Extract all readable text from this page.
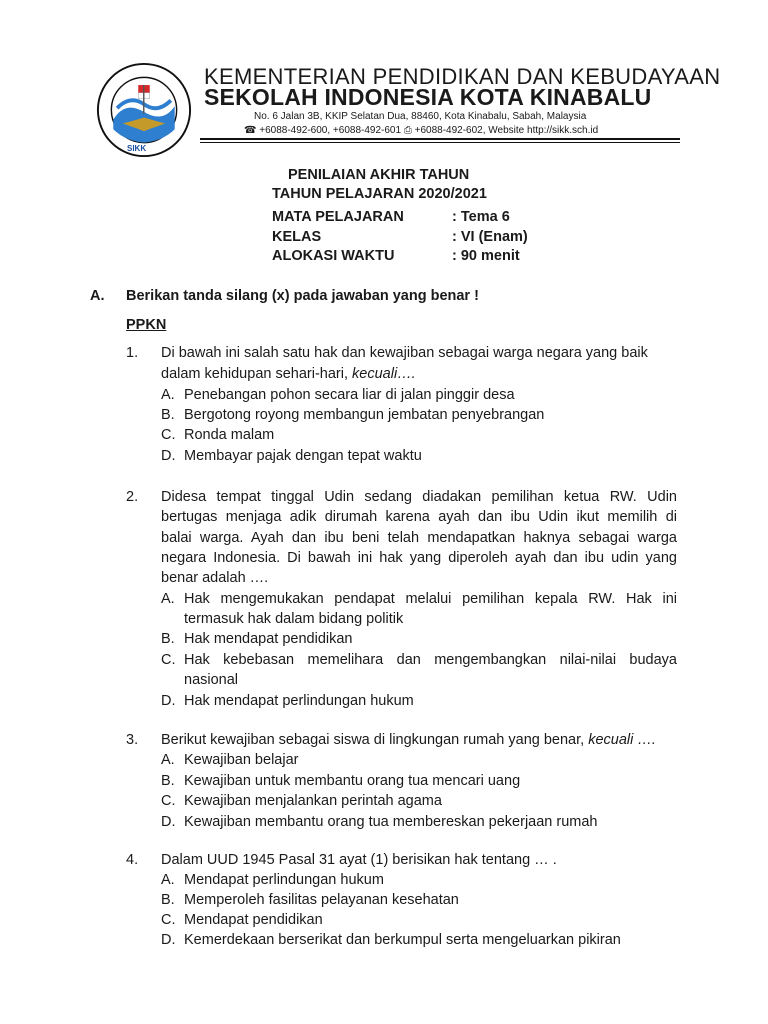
SIKK
KEMENTERIAN PENDIDIKAN DAN KEBUDAYAAN
SEKOLAH INDONESIA KOTA KINABALU
No. 6 Jalan 3B, KKIP Selatan Dua, 88460, Kota Kinabalu, Sabah, Malaysia
☎ +6088-492-600, +6088-492-601 ⎙ +6088-492-602, Website http://sikk.sch.id
PENILAIAN AKHIR TAHUN
TAHUN PELAJARAN 2020/2021
MATA PELAJARAN	: Tema 6
KELAS	: VI (Enam)
ALOKASI WAKTU	: 90 menit
A. Berikan tanda silang (x) pada jawaban yang benar !
PPKN
1. Di bawah ini salah satu hak dan kewajiban sebagai warga negara yang baik
dalam kehidupan sehari-hari, kecuali….
A. Penebangan pohon secara liar di jalan pinggir desa
B. Bergotong royong membangun jembatan penyebrangan
C. Ronda malam
D. Membayar pajak dengan tepat waktu
2. Didesa tempat tinggal Udin sedang diadakan pemilihan ketua RW. Udin
bertugas menjaga adik dirumah karena ayah dan ibu Udin ikut memilih di
balai warga. Ayah dan ibu beni telah mendapatkan haknya sebagai warga
negara Indonesia. Di bawah ini hak yang diperoleh ayah dan ibu udin yang
benar adalah ….
A. Hak mengemukakan pendapat melalui pemilihan kepala RW. Hak ini
termasuk hak dalam bidang politik
B. Hak mendapat pendidikan
C. Hak kebebasan memelihara dan mengembangkan nilai-nilai budaya
nasional
D. Hak mendapat perlindungan hukum
3. Berikut kewajiban sebagai siswa di lingkungan rumah yang benar, kecuali ….
A. Kewajiban belajar
B. Kewajiban untuk membantu orang tua mencari uang
C. Kewajiban menjalankan perintah agama
D. Kewajiban membantu orang tua membereskan pekerjaan rumah
4. Dalam UUD 1945 Pasal 31 ayat (1) berisikan hak tentang … .
A. Mendapat perlindungan hukum
B. Memperoleh fasilitas pelayanan kesehatan
C. Mendapat pendidikan
D. Kemerdekaan berserikat dan berkumpul serta mengeluarkan pikiran
